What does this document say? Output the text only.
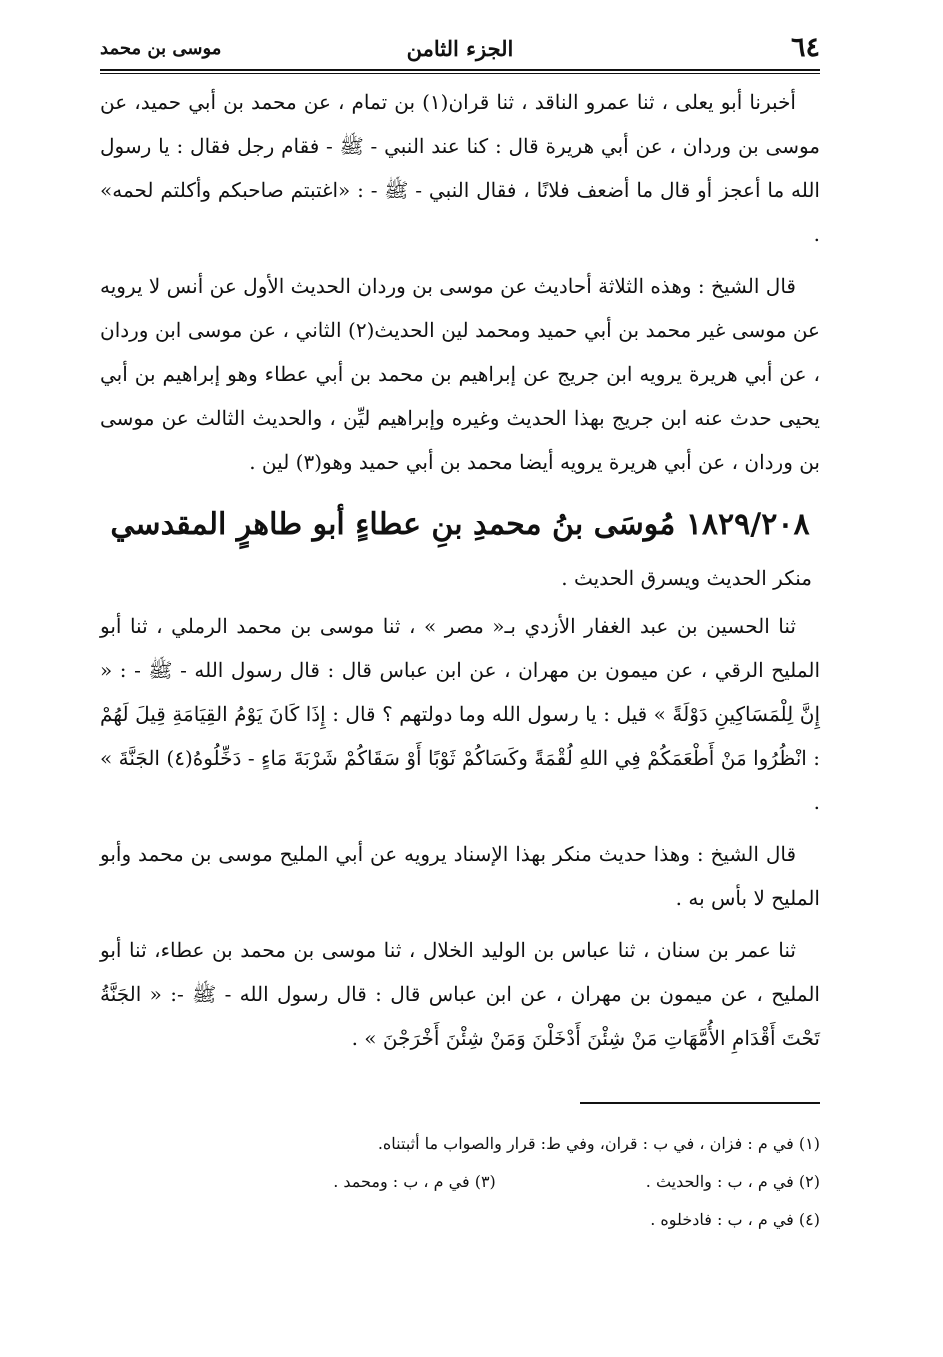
٦٤
الجزء الثامن
موسى بن محمد

أخبرنا أبو يعلى ، ثنا عمرو الناقد ، ثنا قران(١) بن تمام ، عن محمد بن أبي حميد، عن موسى بن وردان ، عن أبي هريرة قال : كنا عند النبي - ﷺ - فقام رجل فقال : يا رسول الله ما أعجز أو قال ما أضعف فلانًا ، فقال النبي - ﷺ - : «اغتبتم صاحبكم وأكلتم لحمه» .

قال الشيخ : وهذه الثلاثة أحاديث عن موسى بن وردان الحديث الأول عن أنس لا يرويه عن موسى غير محمد بن أبي حميد ومحمد لين الحديث(٢) الثاني ، عن موسى ابن وردان ، عن أبي هريرة يرويه ابن جريج عن إبراهيم بن محمد بن أبي عطاء وهو إبراهيم بن أبي يحيى حدث عنه ابن جريج بهذا الحديث وغيره وإبراهيم ليِّن ، والحديث الثالث عن موسى بن وردان ، عن أبي هريرة يرويه أيضا محمد بن أبي حميد وهو(٣) لين .

١٨٢٩/٢٠٨ مُوسَى بنُ محمدِ بنِ عطاءٍ أبو طاهرٍ المقدسي

منكر الحديث ويسرق الحديث .

ثنا الحسين بن عبد الغفار الأزدي بـ« مصر » ، ثنا موسى بن محمد الرملي ، ثنا أبو المليح الرقي ، عن ميمون بن مهران ، عن ابن عباس قال : قال رسول الله - ﷺ - : « إِنَّ لِلْمَسَاكِينِ دَوْلَةً » قيل : يا رسول الله وما دولتهم ؟ قال : إِذَا كَانَ يَوْمُ القِيَامَةِ قِيلَ لَهُمْ : انْظُرُوا مَنْ أَطْعَمَكُمْ فِي اللهِ لُقْمَةً وكَسَاكُمْ ثَوْبًا أَوْ سَقَاكُمْ شَرْبَةَ مَاءٍ - دَخِّلُوهُ(٤) الجَنَّةَ » .

قال الشيخ : وهذا حديث منكر بهذا الإسناد يرويه عن أبي المليح موسى بن محمد وأبو المليح لا بأس به .

ثنا عمر بن سنان ، ثنا عباس بن الوليد الخلال ، ثنا موسى بن محمد بن عطاء، ثنا أبو المليح ، عن ميمون بن مهران ، عن ابن عباس قال : قال رسول الله - ﷺ -: « الجَنَّةُ تَحْتَ أَقْدَامِ الأُمَّهَاتِ مَنْ شِئْنَ أَدْخَلْنَ وَمَنْ شِئْنَ أَخْرَجْنَ » .

(١) في م : فزان ، في ب : قران، وفي ط: قرار والصواب ما أثبتناه.
(٢) في م ، ب : والحديث .
(٣) في م ، ب : ومحمد .
(٤) في م ، ب : فادخلوه .
